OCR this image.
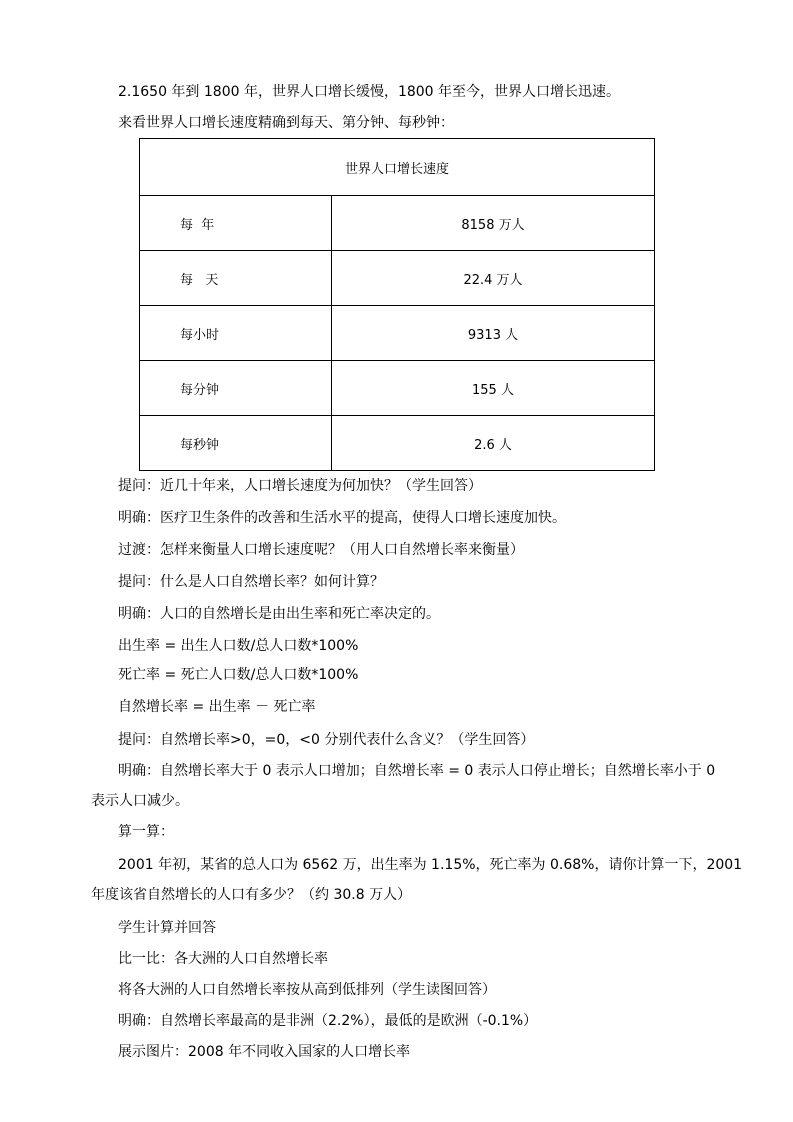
2.1650 年到 1800 年，世界人口增长缓慢，1800 年至今，世界人口增长迅速。
来看世界人口增长速度精确到每天、第分钟、每秒钟：
世界人口增长速度	
每  年	8158 万人
每   天	22.4 万人
每小时	9313 人
每分钟	155 人
每秒钟	2.6 人
提问：近几十年来，人口增长速度为何加快？（学生回答）
明确：医疗卫生条件的改善和生活水平的提高，使得人口增长速度加快。
过渡：怎样来衡量人口增长速度呢？（用人口自然增长率来衡量）
提问：什么是人口自然增长率？如何计算？
明确：人口的自然增长是由出生率和死亡率决定的。
出生率 = 出生人口数/总人口数*100%
死亡率 = 死亡人口数/总人口数*100%
自然增长率 = 出生率 － 死亡率
提问：自然增长率>0，=0，<0 分别代表什么含义？（学生回答）
明确：自然增长率大于 0 表示人口增加；自然增长率 = 0 表示人口停止增长；自然增长率小于 0
表示人口减少。
算一算：
2001 年初，某省的总人口为 6562 万，出生率为 1.15%，死亡率为 0.68%，请你计算一下，2001
年度该省自然增长的人口有多少？（约 30.8 万人）
学生计算并回答
比一比：各大洲的人口自然增长率
将各大洲的人口自然增长率按从高到低排列（学生读图回答）
明确：自然增长率最高的是非洲（2.2%），最低的是欧洲（-0.1%）
展示图片：2008 年不同收入国家的人口增长率
